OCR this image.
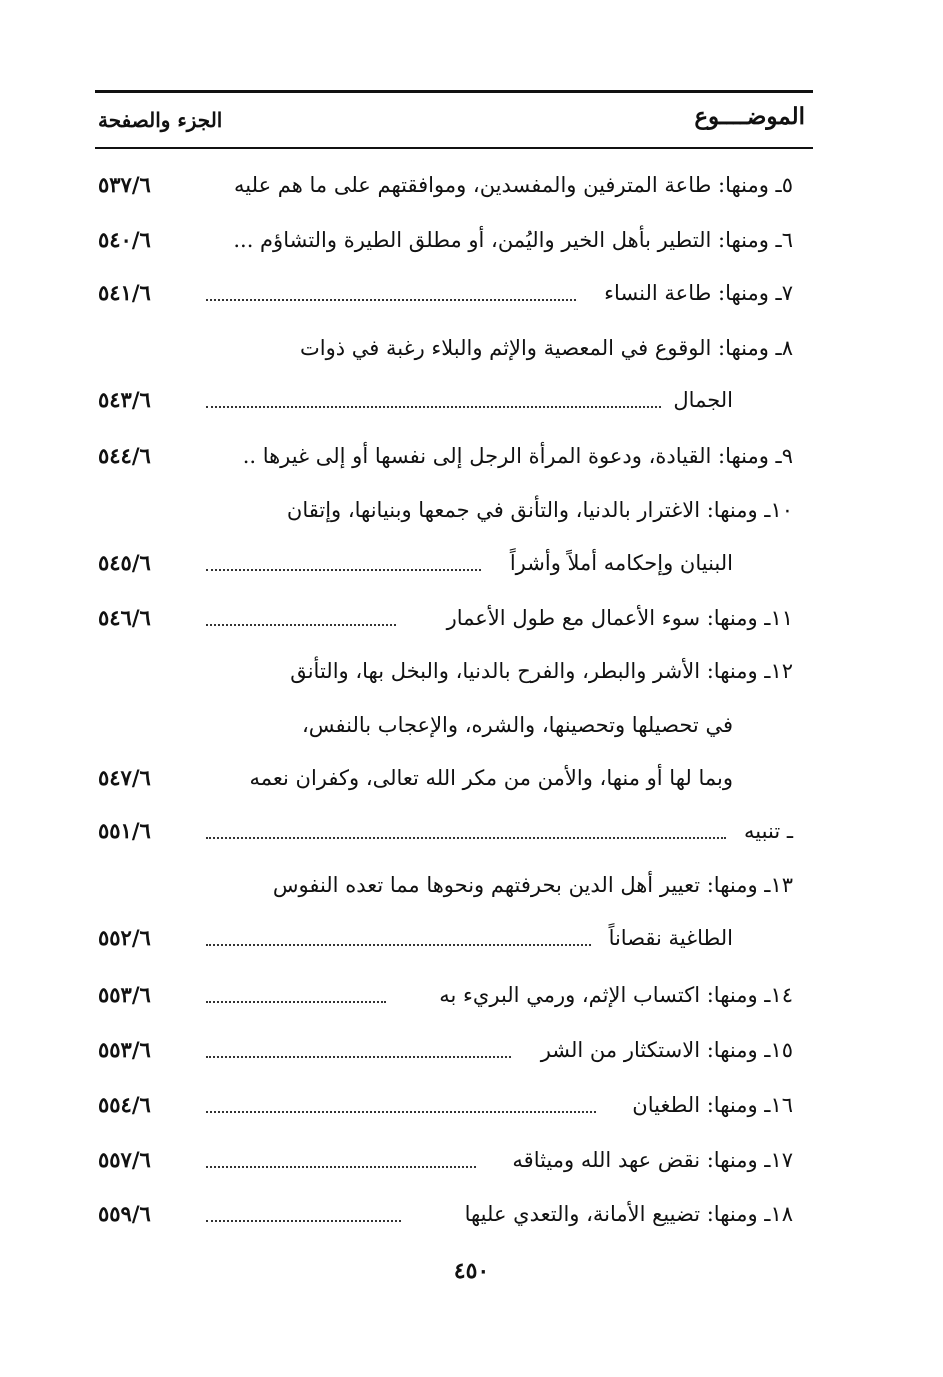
الموضــــوع
الجزء والصفحة
٥ـ ومنها: طاعة المترفين والمفسدين، وموافقتهم على ما هم عليه
٥٣٧/٦
٦ـ ومنها: التطير بأهل الخير واليُمن، أو مطلق الطيرة والتشاؤم ...
٥٤٠/٦
٧ـ ومنها: طاعة النساء
٥٤١/٦
٨ـ ومنها: الوقوع في المعصية والإثم والبلاء رغبة في ذوات
الجمال
٥٤٣/٦
٩ـ ومنها: القيادة، ودعوة المرأة الرجل إلى نفسها أو إلى غيرها ..
٥٤٤/٦
١٠ـ ومنها: الاغترار بالدنيا، والتأنق في جمعها وبنيانها، وإتقان
البنيان وإحكامه أملاً وأشراً
٥٤٥/٦
١١ـ ومنها: سوء الأعمال مع طول الأعمار
٥٤٦/٦
١٢ـ ومنها: الأشر والبطر، والفرح بالدنيا، والبخل بها، والتأنق
في تحصيلها وتحصينها، والشره، والإعجاب بالنفس،
وبما لها أو منها، والأمن من مكر الله تعالى، وكفران نعمه
٥٤٧/٦
ـ تنبيه
٥٥١/٦
١٣ـ ومنها: تعيير أهل الدين بحرفتهم ونحوها مما تعده النفوس
الطاغية نقصاناً
٥٥٢/٦
١٤ـ ومنها: اكتساب الإثم، ورمي البريء به
٥٥٣/٦
١٥ـ ومنها: الاستكثار من الشر
٥٥٣/٦
١٦ـ ومنها: الطغيان
٥٥٤/٦
١٧ـ ومنها: نقض عهد الله وميثاقه
٥٥٧/٦
١٨ـ ومنها: تضييع الأمانة، والتعدي عليها
٥٥٩/٦
٤٥٠
